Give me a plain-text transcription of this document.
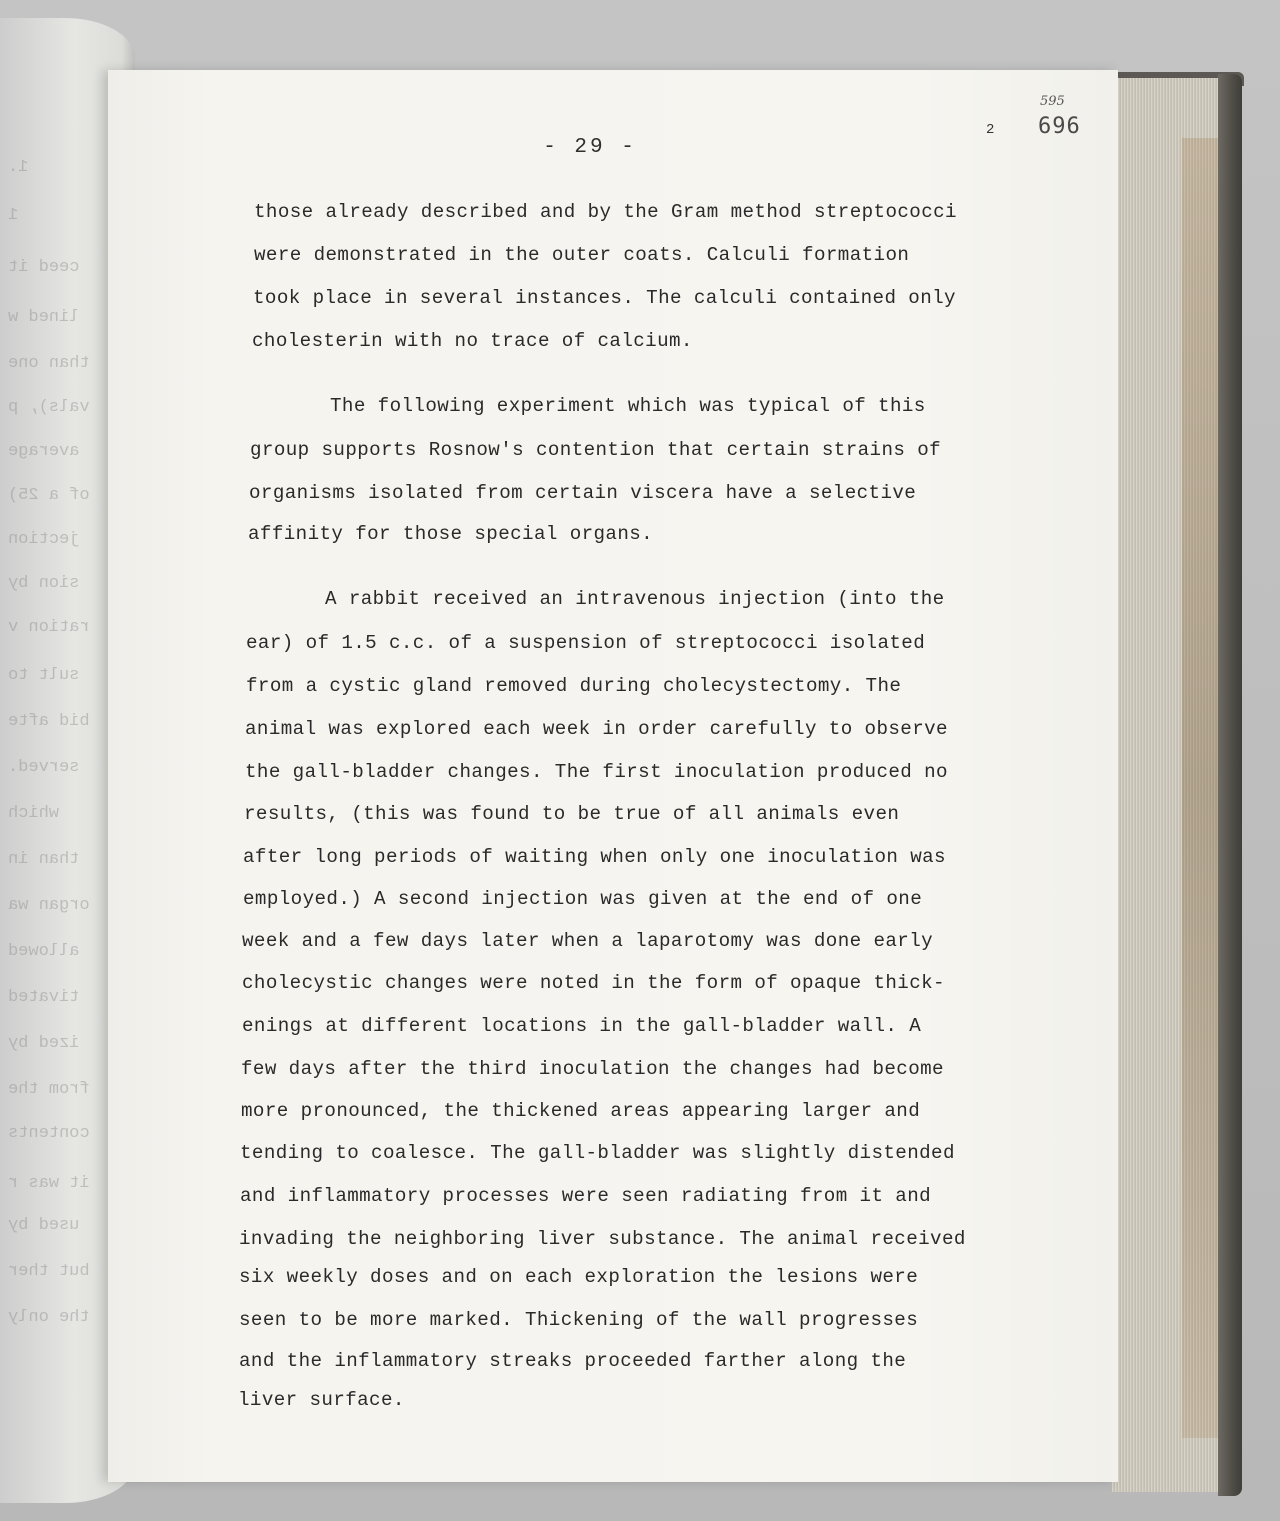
1.
1
ceed it
lined w
than one
vals), p
average
of a 25)
jection
sion by
ration v
sult to
bid afte
served.
which
than in
organ wa
allowed
tivated
ized by
from the
contents
it was r
used by
but ther
the only
- 29 -
595
696
2
those already described and by the Gram method streptococci
were demonstrated in the outer coats. Calculi formation
took place in several instances. The calculi contained only
cholesterin with no trace of calcium.
The following experiment which was typical of this
group supports Rosnow's contention that certain strains of
organisms isolated from certain viscera have a selective
affinity for those special organs.
A rabbit received an intravenous injection (into the
ear) of 1.5 c.c. of a suspension of streptococci isolated
from a cystic gland removed during cholecystectomy. The
animal was explored each week in order carefully to observe
the gall-bladder changes. The first inoculation produced no
results, (this was found to be true of all animals even
after long periods of waiting when only one inoculation was
employed.) A second injection was given at the end of one
week and a few days later when a laparotomy was done early
cholecystic changes were noted in the form of opaque thick-
enings at different locations in the gall-bladder wall. A
few days after the third inoculation the changes had become
more pronounced, the thickened areas appearing larger and
tending to coalesce. The gall-bladder was slightly distended
and inflammatory processes were seen radiating from it and
invading the neighboring liver substance. The animal received
six weekly doses and on each exploration the lesions were
seen to be more marked. Thickening of the wall progresses
and the inflammatory streaks proceeded farther along the
liver surface.
